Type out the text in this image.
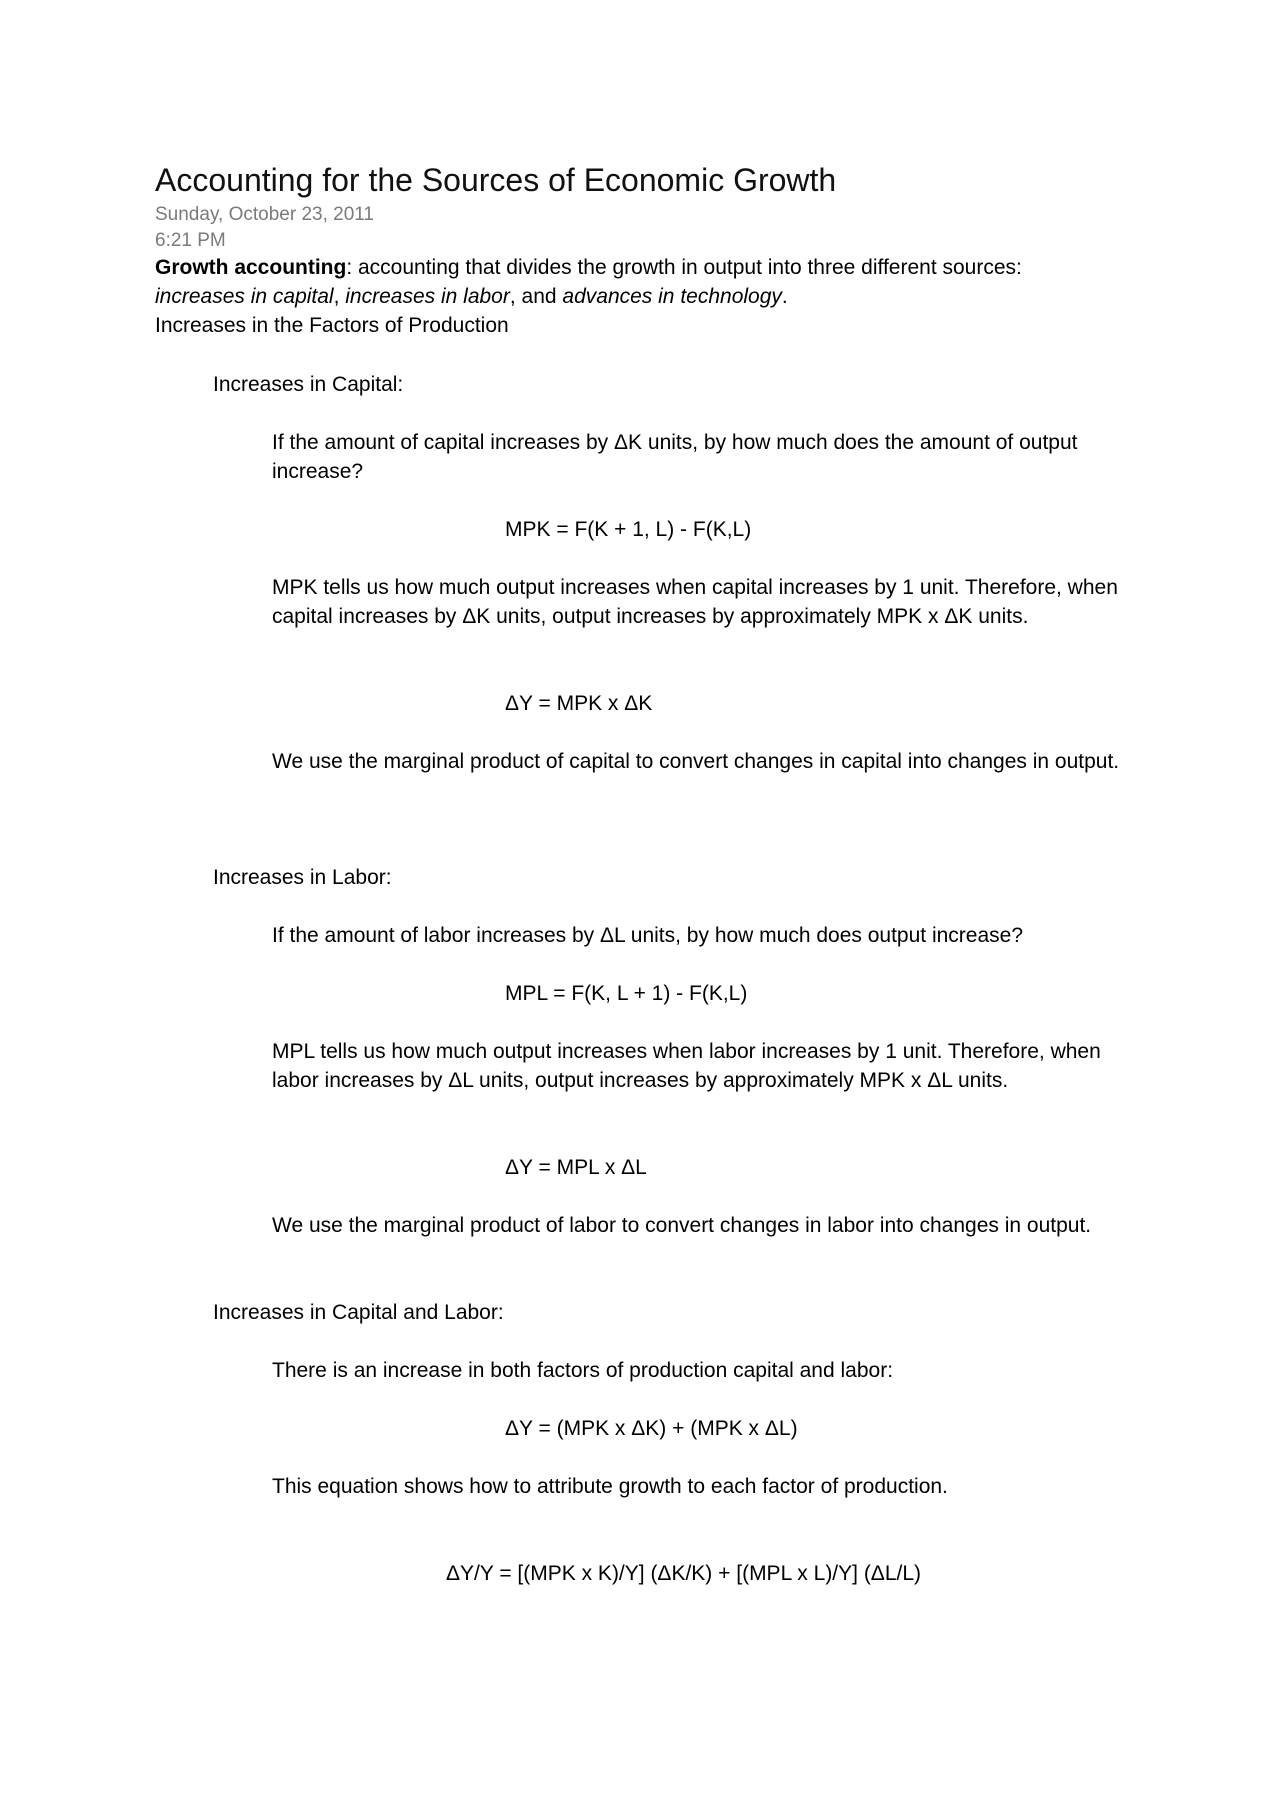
Accounting for the Sources of Economic Growth
Sunday, October 23, 2011
6:21 PM
Growth accounting: accounting that divides the growth in output into three different sources:
increases in capital, increases in labor, and advances in technology.
Increases in the Factors of Production
Increases in Capital:
If the amount of capital increases by ΔK units, by how much does the amount of output increase?
MPK = F(K + 1, L) - F(K,L)
MPK tells us how much output increases when capital increases by 1 unit. Therefore, when capital increases by ΔK units, output increases by approximately MPK x ΔK units.
ΔY = MPK x ΔK
We use the marginal product of capital to convert changes in capital into changes in output.
Increases in Labor:
If the amount of labor increases by ΔL units, by how much does output increase?
MPL = F(K, L + 1) - F(K,L)
MPL tells us how much output increases when labor increases by 1 unit. Therefore, when labor increases by ΔL units, output increases by approximately MPK x ΔL units.
ΔY = MPL x ΔL
We use the marginal product of labor to convert changes in labor into changes in output.
Increases in Capital and Labor:
There is an increase in both factors of production capital and labor:
ΔY = (MPK x ΔK) + (MPK x ΔL)
This equation shows how to attribute growth to each factor of production.
ΔY/Y = [(MPK x K)/Y] (ΔK/K) + [(MPL x L)/Y] (ΔL/L)
